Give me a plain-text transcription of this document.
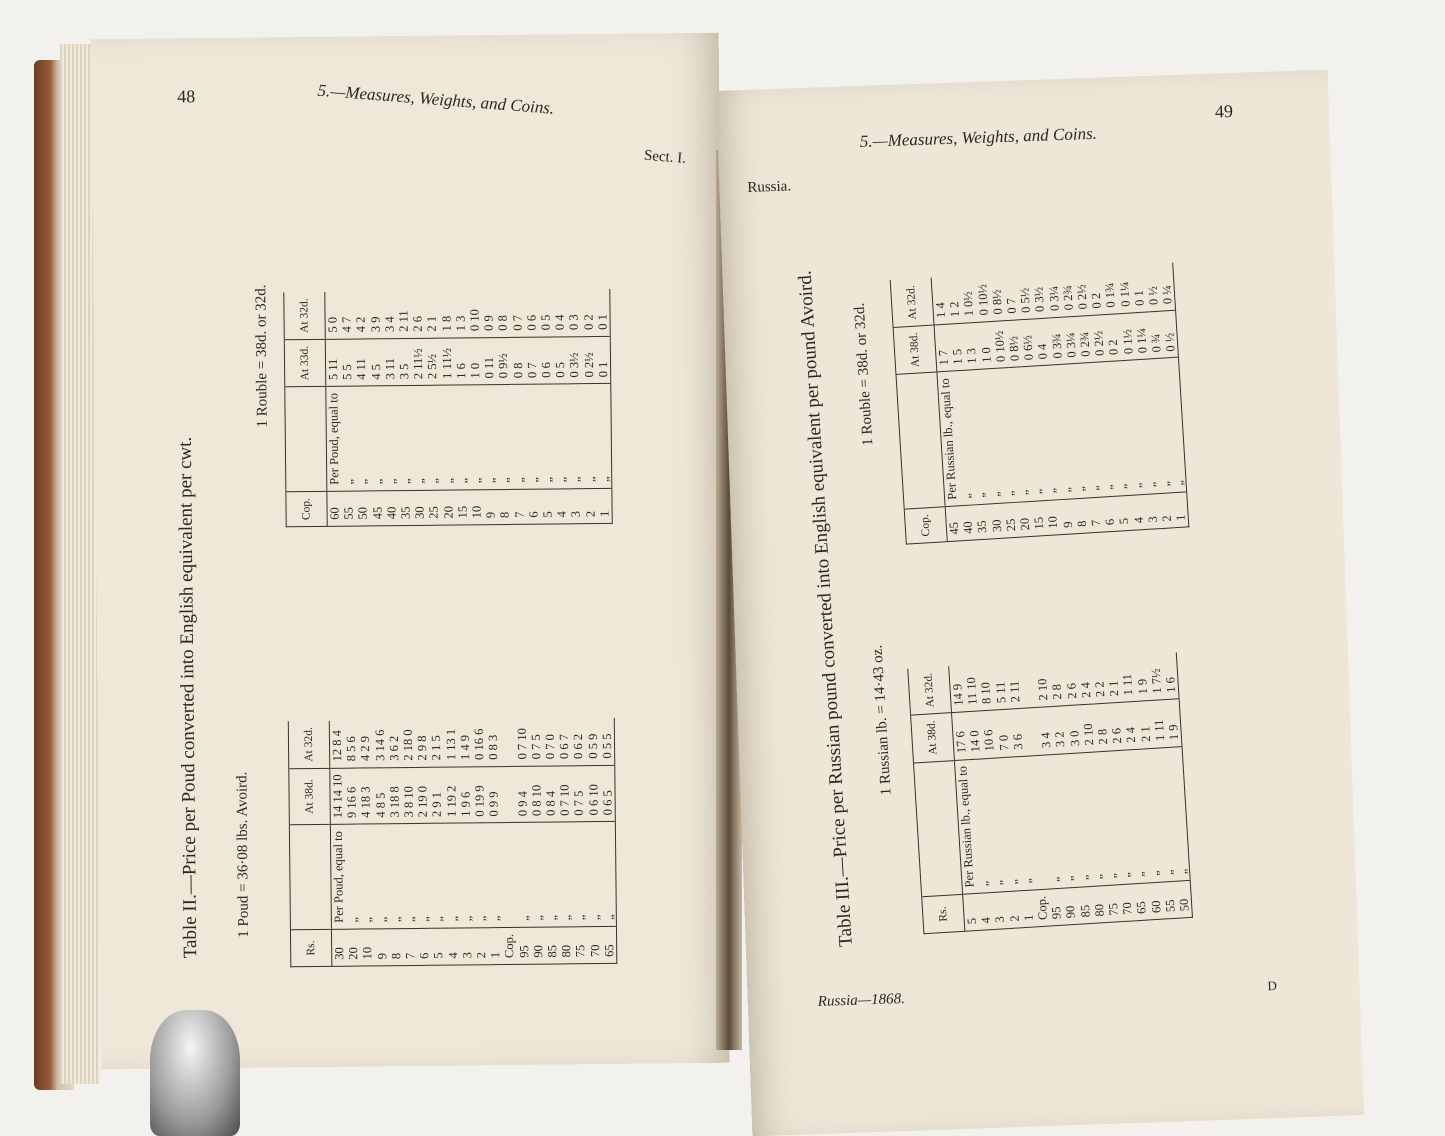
48	5.—Measures, Weights, and Coins.
Sect. I.
Table II.—Price per Poud converted into English equivalent per cwt. 1 Poud = 36·08 lbs. Avoird.
1 Rouble = 38d. or 32d.
Rs.		At 38d.	At 32d.
30	Per Poud, equal to	14 14 10	12 8 4
20	„	9 16 6	8 5 6
10	„	4 18 3	4 2 9
9	„	4 8 5	3 14 6
8	„	3 18 8	3 6 2
7	„	3 8 10	2 18 0
6	„	2 19 0	2 9 8
5	„	2 9 1	2 1 5
4	„	1 19 2	1 13 1
3	„	1 9 6	1 4 9
2	„	0 19 9	0 16 6
1	„	0 9 9	0 8 3
Cop.			
95	„	0 9 4	0 7 10
90	„	0 8 10	0 7 5
85	„	0 8 4	0 7 0
80	„	0 7 10	0 6 7
75	„	0 7 5	0 6 2
70	„	0 6 10	0 5 9
65	„	0 6 5	0 5 5
Cop.		At 33d.	At 32d.
60	Per Poud, equal to	5 11	5 0
55	„	5 5	4 7
50	„	4 11	4 2
45	„	4 5	3 9
40	„	3 11	3 4
35	„	3 5	2 11
30	„	2 11½	2 6
25	„	2 5½	2 1
20	„	1 11½	1 8
15	„	1 6	1 3
10	„	1 0	0 10
9	„	0 11	0 9
8	„	0 9½	0 8
7	„	0 8	0 7
6	„	0 7	0 6
5	„	0 6	0 5
4	„	0 5	0 4
3	„	0 3½	0 3
2	„	0 2½	0 2
1	„	0 1	0 1
49
5.—Measures, Weights, and Coins.
Russia.
Table III.—Price per Russian pound converted into English equivalent per pound Avoird. 1 Russian lb. = 14·43 oz.
1 Rouble = 38d. or 32d.
Rs.		At 38d.	At 32d.
5	Per Russian lb., equal to	17 6	14 9
4	„	14 0	11 10
3	„	10 6	8 10
2	„	7 0	5 11
1	„	3 6	2 11
Cop.			
95	„	3 4	2 10
90	„	3 2	2 8
85	„	3 0	2 6
80	„	2 10	2 4
75	„	2 8	2 2
70	„	2 6	2 1
65	„	2 4	1 11
60	„	2 1	1 9
55	„	1 11	1 7½
50	„	1 9	1 6
Cop.		At 38d.	At 32d.
45	Per Russian lb., equal to	1 7	1 4
40	„	1 5	1 2
35	„	1 3	1 0½
30	„	1 0	0 10½
25	„	0 10½	0 8½
20	„	0 8½	0 7
15	„	0 6½	0 5½
10	„	0 4	0 3½
9	„	0 3¾	0 3¼
8	„	0 3¼	0 2¾
7	„	0 2¾	0 2½
6	„	0 2½	0 2
5	„	0 2	0 1¾
4	„	0 1½	0 1¼
3	„	0 1¼	0 1
2	„	0 ¾	0 ½
1	„	0 ½	0 ¼
Russia—1868.
D
